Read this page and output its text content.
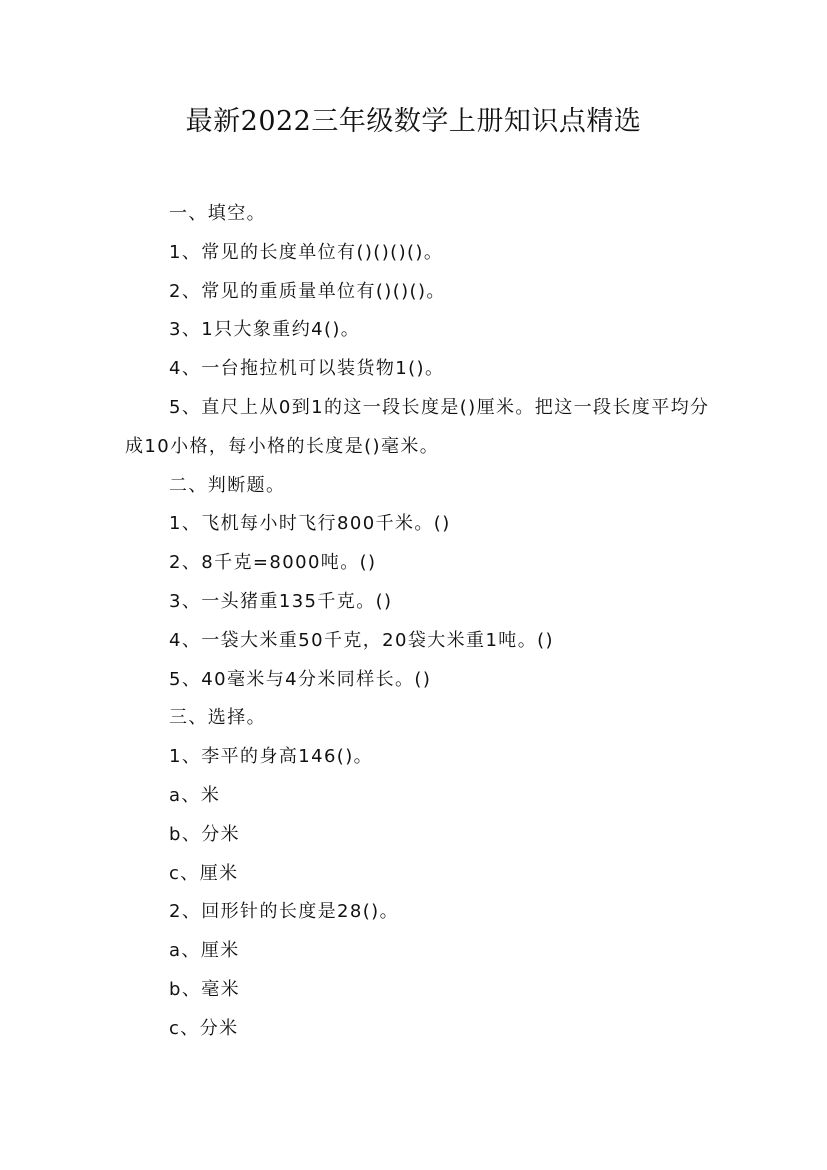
最新2022三年级数学上册知识点精选

一、填空。

1、常见的长度单位有()()()()。

2、常见的重质量单位有()()()。

3、1只大象重约4()。

4、一台拖拉机可以装货物1()。

5、直尺上从0到1的这一段长度是()厘米。把这一段长度平均分成10小格，每小格的长度是()毫米。

二、判断题。

1、飞机每小时飞行800千米。()

2、8千克=8000吨。()

3、一头猪重135千克。()

4、一袋大米重50千克，20袋大米重1吨。()

5、40毫米与4分米同样长。()

三、选择。

1、李平的身高146()。

a、米

b、分米

c、厘米

2、回形针的长度是28()。

a、厘米

b、毫米

c、分米
